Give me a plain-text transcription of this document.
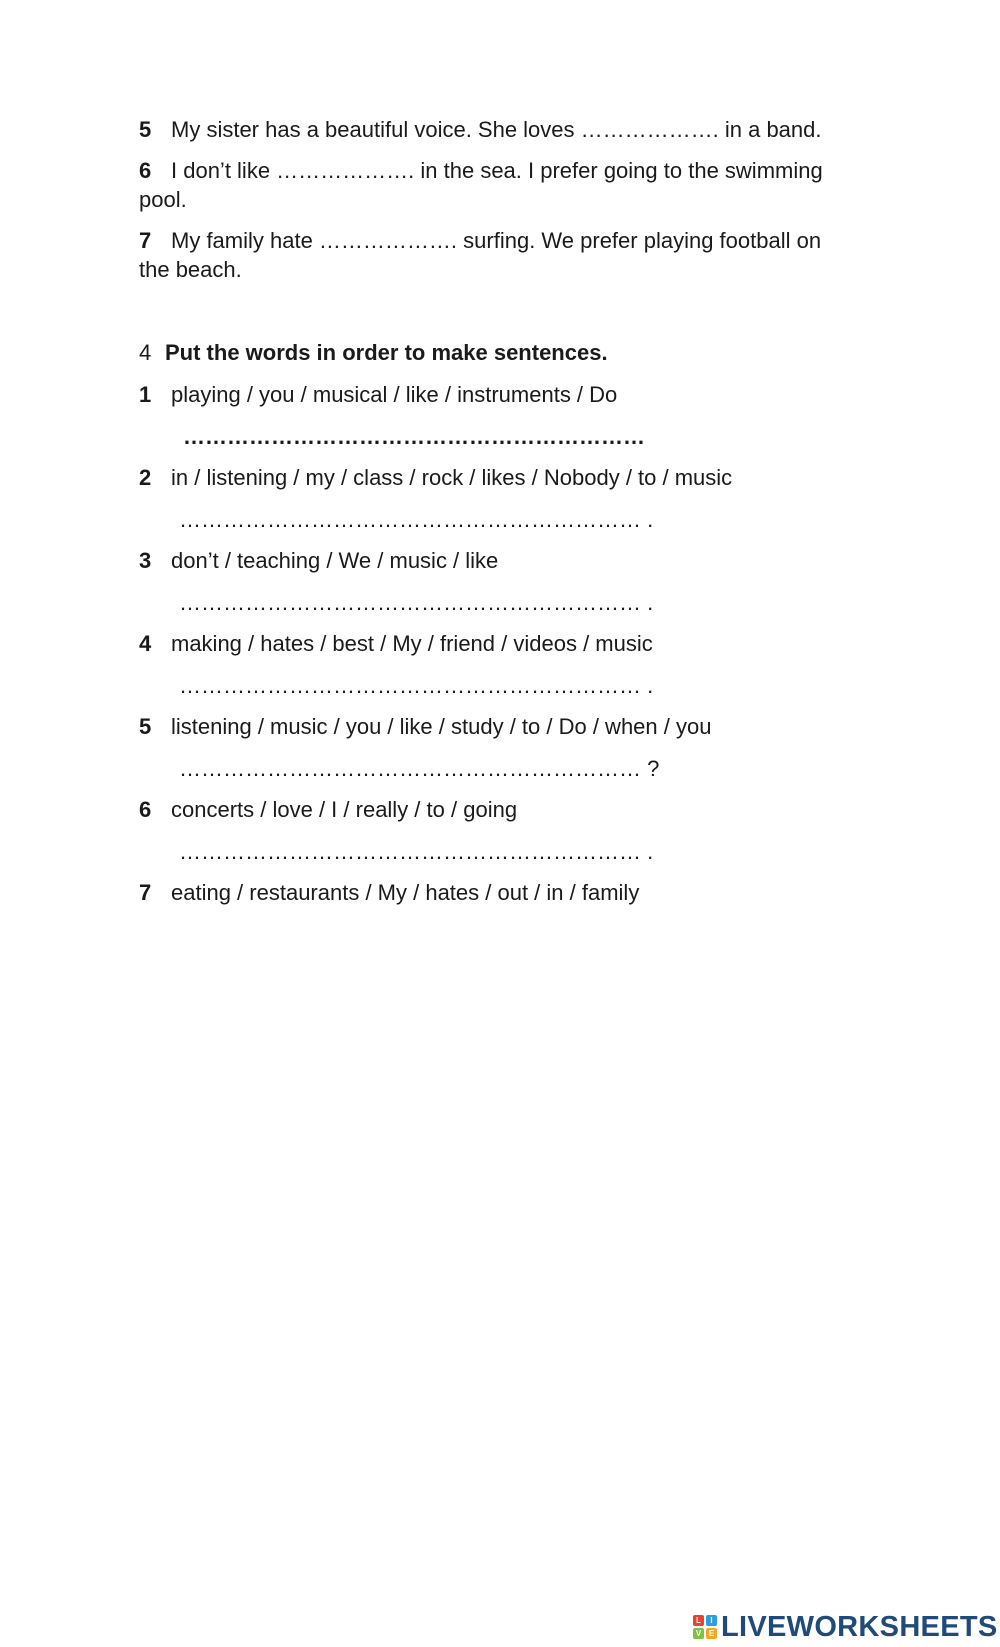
5 My sister has a beautiful voice. She loves ………………. in a band.
6 I don’t like ………………. in the sea. I prefer going to the swimming
pool.
7 My family hate ………………. surfing. We prefer playing football on
the beach.
4 Put the words in order to make sentences.
1 playing / you / musical / like / instruments / Do
………………………………………………………
2 in / listening / my / class / rock / likes / Nobody / to / music
……………………………………………………… .
3 don’t / teaching / We / music / like
……………………………………………………… .
4 making / hates / best / My / friend / videos / music
……………………………………………………… .
5 listening / music / you / like / study / to / Do / when / you
……………………………………………………… ?
6 concerts / love / I / really / to / going
……………………………………………………… .
7 eating / restaurants / My / hates / out / in / family
L	I
V E LIVEWORKSHEETS
